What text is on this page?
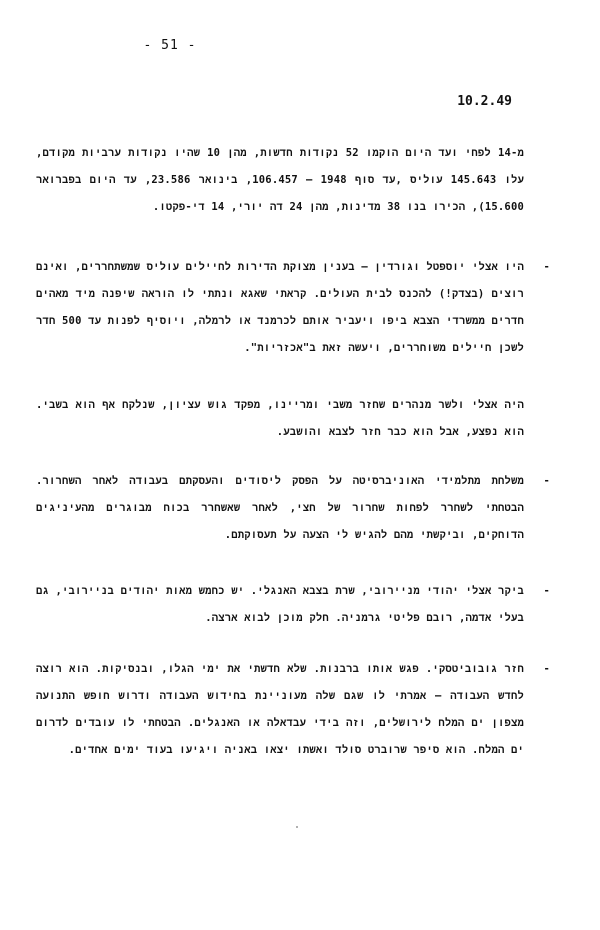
- 51 -
10.2.49
מ-14 לפחי ועד היום הוקמו 52 נקודות חדשות, מהן 10 שהיו נקודות ערביות מקודם, עלו 145.643 עוליס ,עד סוף 1948 – 106.457, בינואר 23.586, עד היום בפברואר 15.600), הכירו בנו 38 מדינות, מהן 24 דה יורי, 14 די-פקטו.
-
היו אצלי יוספטל וגורדין – בענין מצוקת הדירות לחיילים עוליס שמשתחררים, ואינם רוצים (בצדק!) להכנס לבית העולים. קראתי שאגא ונתתי לו הוראה שיפנה מיד מאהים חדרים ממשרדי הצבא ביפו ויעביר אותם לכרמנד או לרמלה, ויוסיף לפנות עד 500 חדר לשכן חיילים משוחררים, ויעשה זאת ב"אכזריות".
היה אצלי ולשר מנהרים שחזר משבי ומריינו, מפקד גוש עציון, שנלקח אף הוא בשבי. הוא נפצע, אבל הוא כבר חזר לצבא והושבע.
-
משלחת מתלמידי האוניברסיטה על הפסק ליסודים והעסקתם בעבודה לאחר השחרור. הבטחתי לשחרר לפחות שחרור של חצי, לאחר שאשחרר בכוח מבוגרים מהעיניגים הדוחקים, וביקשתי מהם להגיש לי הצעה על תעסוקתם.
-
ביקר אצלי יהודי מניירובי, שרת בצבא האנגלי. יש כחמש מאות יהודים בניירובי, גם בעלי אדמה, רובם פליטי גרמניה. חלק מוכן לבוא ארצה.
-
חזר גובוביטסקי. פגש אותו ברבנות. שלא חדשתי את ימי הגלו, ובנסיקות. הוא רוצה לחדש העבודה – אמרתי לו שגם שלה מעוניינת בחידוש העבודה ודרוש חופש התנועה מצפון ים המלח לירושלים, וזה בידי עבדאלה או האנגלים. הבטחתי לו עובדים לדרום ים המלח. הוא סיפר שרוברט סולד ואשתו יצאו באניה ויגיעו בעוד ימים אחדים.
